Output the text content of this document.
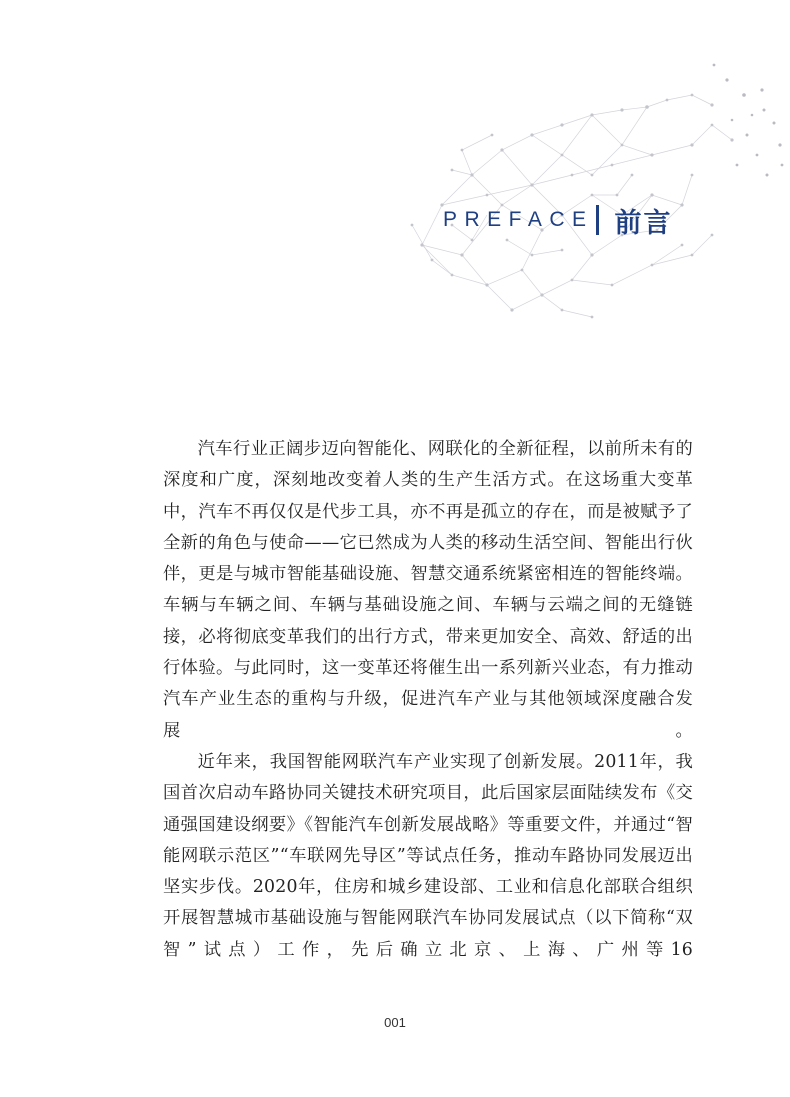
PREFACE 前言

汽车行业正阔步迈向智能化、网联化的全新征程，以前所未有的深度和广度，深刻地改变着人类的生产生活方式。在这场重大变革中，汽车不再仅仅是代步工具，亦不再是孤立的存在，而是被赋予了全新的角色与使命——它已然成为人类的移动生活空间、智能出行伙伴，更是与城市智能基础设施、智慧交通系统紧密相连的智能终端。车辆与车辆之间、车辆与基础设施之间、车辆与云端之间的无缝链接，必将彻底变革我们的出行方式，带来更加安全、高效、舒适的出行体验。与此同时，这一变革还将催生出一系列新兴业态，有力推动汽车产业生态的重构与升级，促进汽车产业与其他领域深度融合发展。

近年来，我国智能网联汽车产业实现了创新发展。2011年，我国首次启动车路协同关键技术研究项目，此后国家层面陆续发布《交通强国建设纲要》《智能汽车创新发展战略》等重要文件，并通过“智能网联示范区”“车联网先导区”等试点任务，推动车路协同发展迈出坚实步伐。2020年，住房和城乡建设部、工业和信息化部联合组织开展智慧城市基础设施与智能网联汽车协同发展试点（以下简称“双智”试点）工作，先后确立北京、上海、广州等16

001
